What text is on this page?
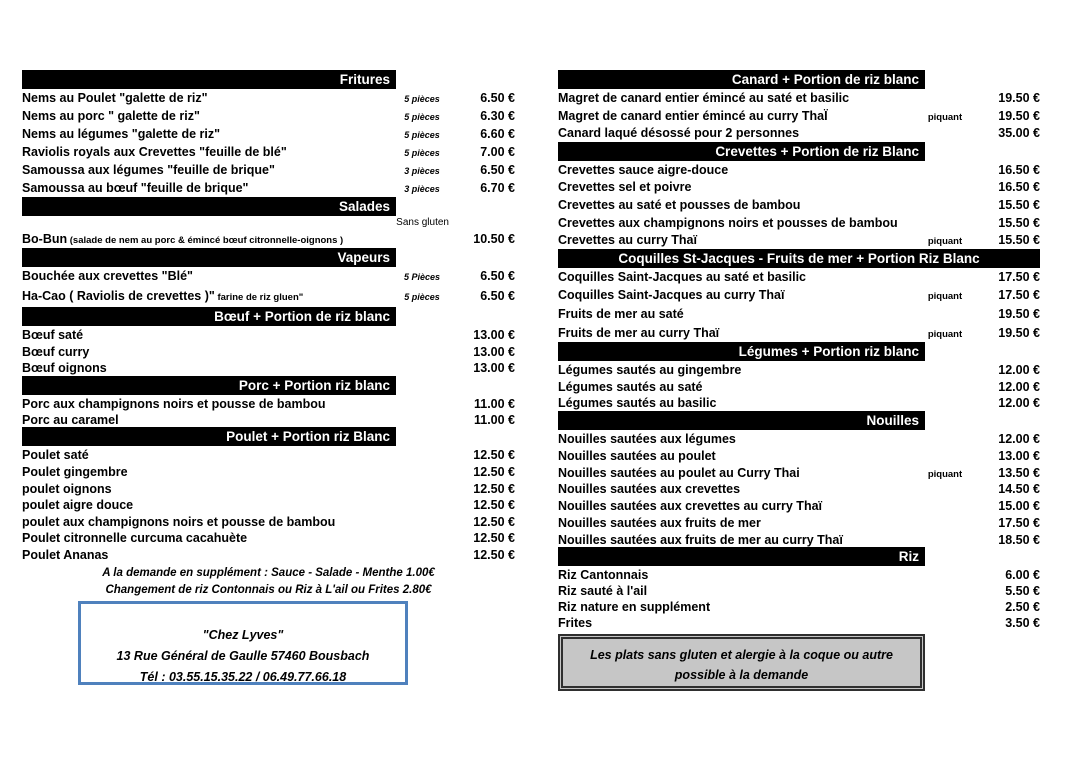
Fritures
Nems au Poulet "galette de riz"	5 pièces	6.50 €
Nems au porc " galette de riz"	5 pièces	6.30 €
Nems au légumes "galette de riz"	5 pièces	6.60 €
Raviolis royals aux Crevettes "feuille de blé"	5 pièces	7.00 €
Samoussa aux légumes "feuille de brique"	3 pièces	6.50 €
Samoussa au bœuf "feuille de brique"	3 pièces	6.70 €
Salades
Sans gluten
Bo-Bun (salade de nem au porc & émincé bœuf citronnelle-oignons )	10.50 €
Vapeurs
Bouchée aux crevettes "Blé"	5 Pièces	6.50 €
Ha-Cao ( Raviolis de crevettes )" farine de riz gluen"	5 pièces	6.50 €
Bœuf + Portion de riz blanc
Bœuf saté	13.00 €
Bœuf curry	13.00 €
Bœuf oignons	13.00 €
Porc + Portion riz blanc
Porc aux champignons noirs et pousse de bambou	11.00 €
Porc au caramel	11.00 €
Poulet + Portion riz Blanc
Poulet saté	12.50 €
Poulet gingembre	12.50 €
poulet oignons	12.50 €
poulet aigre douce	12.50 €
poulet aux champignons noirs et pousse de bambou	12.50 €
Poulet citronnelle curcuma cacahuète	12.50 €
Poulet Ananas	12.50 €
A la demande en supplément : Sauce - Salade - Menthe 1.00€
Changement de riz Contonnais ou Riz à L'ail ou Frites 2.80€
"Chez Lyves"
13 Rue Général de Gaulle 57460 Bousbach
Tél : 03.55.15.35.22 / 06.49.77.66.18
Canard + Portion de riz blanc
Magret de canard entier émincé au saté et basilic	19.50 €
Magret de canard entier émincé au curry ThaÏ	piquant	19.50 €
Canard laqué désossé pour 2 personnes	35.00 €
Crevettes + Portion de riz Blanc
Crevettes sauce aigre-douce	16.50 €
Crevettes sel et poivre	16.50 €
Crevettes au saté et pousses de bambou	15.50 €
Crevettes aux champignons noirs et pousses de bambou	15.50 €
Crevettes au curry Thaï	piquant	15.50 €
Coquilles St-Jacques - Fruits de mer + Portion Riz Blanc
Coquilles Saint-Jacques au saté et basilic	17.50 €
Coquilles Saint-Jacques au curry Thaï	piquant	17.50 €
Fruits de mer au saté	19.50 €
Fruits de mer au curry Thaï	piquant	19.50 €
Légumes + Portion riz blanc
Légumes sautés au gingembre	12.00 €
Légumes sautés au saté	12.00 €
Légumes sautés au basilic	12.00 €
Nouilles
Nouilles sautées aux légumes	12.00 €
Nouilles sautées au poulet	13.00 €
Nouilles sautées au poulet au Curry Thai	piquant	13.50 €
Nouilles sautées aux crevettes	14.50 €
Nouilles sautées aux crevettes au curry Thaï	15.00 €
Nouilles sautées aux fruits de mer	17.50 €
Nouilles sautées aux fruits de mer au curry Thaï	18.50 €
Riz
Riz Cantonnais	6.00 €
Riz sauté à l'ail	5.50 €
Riz nature en supplément	2.50 €
Frites	3.50 €
Les plats sans gluten et alergie à la coque ou autre
possible à la demande
